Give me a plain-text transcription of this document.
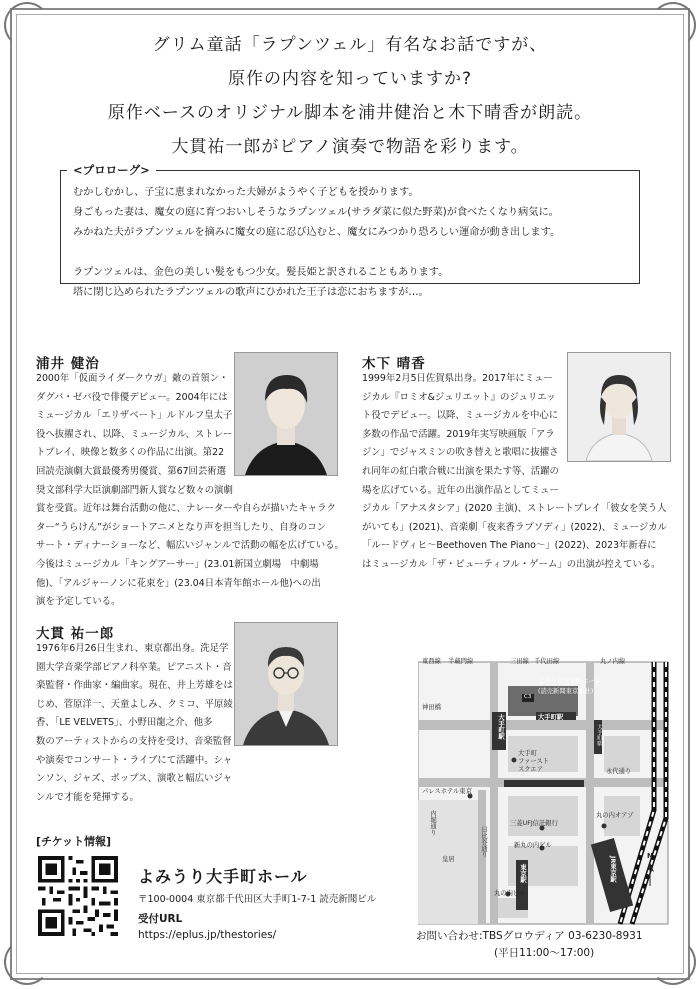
グリム童話「ラプンツェル」有名なお話ですが、
原作の内容を知っていますか?
原作ベースのオリジナル脚本を浦井健治と木下晴香が朗読。
大貫祐一郎がピアノ演奏で物語を彩ります。
<プロローグ>
むかしむかし、子宝に恵まれなかった夫婦がようやく子どもを授かります。
身ごもった妻は、魔女の庭に育つおいしそうなラプンツェル(サラダ菜に似た野菜)が食べたくなり病気に。
みかねた夫がラプンツェルを摘みに魔女の庭に忍び込むと、魔女にみつかり恐ろしい運命が動き出します。

ラプンツェルは、金色の美しい髪をもつ少女。髪長姫と訳されることもあります。
塔に閉じ込められたラプンツェルの歌声にひかれた王子は恋におちますが…。
浦井 健治
2000年「仮面ライダークウガ」敵の首領ン・
ダグバ・ゼバ役で俳優デビュー。2004年には
ミュージカル「エリザベート」ルドルフ皇太子
役へ抜擢され、以降、ミュージカル、ストレー
トプレイ、映像と数多くの作品に出演。第22
回読売演劇大賞最優秀男優賞、第67回芸術選
奨文部科学大臣演劇部門新人賞など数々の演劇
賞を受賞。近年は舞台活動の他に、ナレーターや自らが描いたキャラク
ター“うらけん”がショートアニメとなり声を担当したり、自身のコン
サート・ディナーショーなど、幅広いジャンルで活動の幅を広げている。
今後はミュージカル「キングアーサー」(23.01新国立劇場　中劇場
他)、「アルジャーノンに花束を」(23.04日本青年館ホール他)への出
演を予定している。
木下 晴香
1999年2月5日佐賀県出身。2017年にミュー
ジカル『ロミオ&ジュリエット』のジュリエッ
ト役でデビュー。以降、ミュージカルを中心に
多数の作品で活躍。2019年実写映画版「アラ
ジン」でジャスミンの吹き替えと歌唱に抜擢さ
れ同年の紅白歌合戦に出演を果たす等、活躍の
場を広げている。近年の出演作品としてミュー
ジカル「アナスタシア」(2020 主演)、ストレートプレイ「彼女を笑う人
がいても」(2021)、音楽劇「夜来香ラプソディ」(2022)、ミュージカル
「ルードヴィヒ～Beethoven The Piano～」(2022)、2023年新春に
はミュージカル「ザ・ビューティフル・ゲーム」の出演が控えている。
大貫 祐一郎
1976年6月26日生まれ、東京都出身。洗足学
園大学音楽学部ピアノ科卒業。ピアニスト・音
楽監督・作曲家・編曲家。現在、井上芳雄をは
じめ、菅原洋一、天童よしみ、クミコ、平原綾
香、「LE VELVETS」、小野田龍之介、他多
数のアーティストからの支持を受け、音楽監督
や演奏でコンサート・ライブにて活躍中。シャ
ンソン、ジャズ、ポップス、演歌と幅広いジャ
ンルで才能を発揮する。
[チケット情報]
よみうり大手町ホール
〒100-0004 東京都千代田区大手町1-7-1 読売新聞ビル
受付URL
https://eplus.jp/thestories/
東西線 半蔵門線	三田線 千代田線	丸ノ内線
よみうり大手町ホール
(読売新聞東京本社)
C3
大手町駅	大手町駅
大手町駅
大手町
ファースト
スクエア
パレスホテル東京
内堀通り
皇居
日比谷通り
三菱UFJ信託銀行
新丸の内ビル
丸の内オアゾ
東京駅
丸の内ビル
JR東京駅
神田橋
永代通り
N
お問い合わせ:TBSグロウディア 03-6230-8931
(平日11:00～17:00)
